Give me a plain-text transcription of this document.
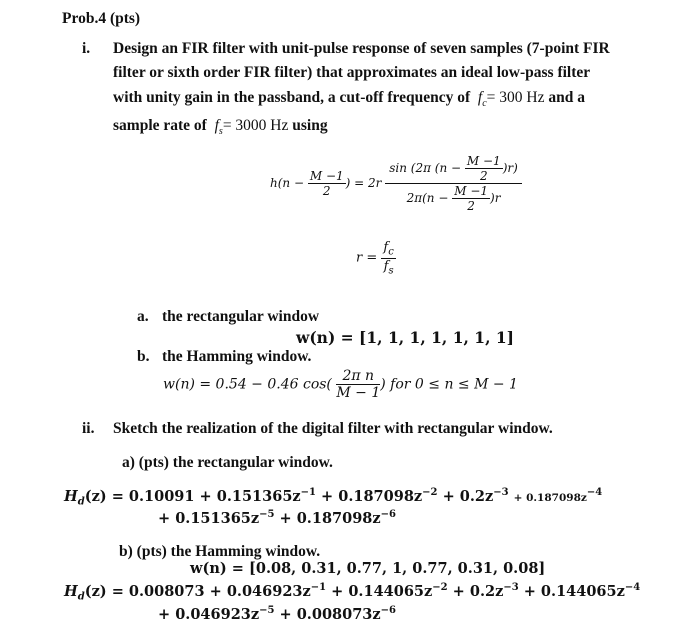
Prob.4 (pts)
i. Design an FIR filter with unit-pulse response of seven samples (7-point FIR
filter or sixth order FIR filter) that approximates an ideal low-pass filter
with unity gain in the passband, a cut-off frequency of  $f_c= 300$ Hz and a
sample rate of  $f_s= 3000$ Hz using
$h(n - \frac{M -1}{2}$ ) = $2r \frac{\sin (2\pi (n - \frac{M -1}{2} )r)}{2\pi(n - \frac{M -1}{2} )r}$
$r = \frac{f_c}{f_s}$
a. the rectangular window
w(n) = [1, 1, 1, 1, 1, 1, 1]
b. the Hamming window.
w(n) = 0.54 − 0.46 $\cos( \frac{\text{2π n}}{M - 1}$ ) for 0 ≤ n ≤ M − 1
ii. Sketch the realization of the digital filter with rectangular window.
a) (pts) the rectangular window.
$H_d(z) = 0.10091 + 0.151365z^{-1} + 0.187098z^{-2} + 0.2z^{-3} + 0.187098z^{-4}$
+ $0.151365z^{-5} + 0.187098z^{-6}$
b) (pts) the Hamming window.
w(n) = [0.08, 0.31, 0.77, 1, 0.77, 0.31, 0.08]
$H_d(z) = 0.008073 + 0.046923z^{-1} + 0.144065z^{-2} + 0.2z^{-3} + 0.144065z^{-4}$
+ $0.046923z^{-5} + 0.008073z^{-6}$
